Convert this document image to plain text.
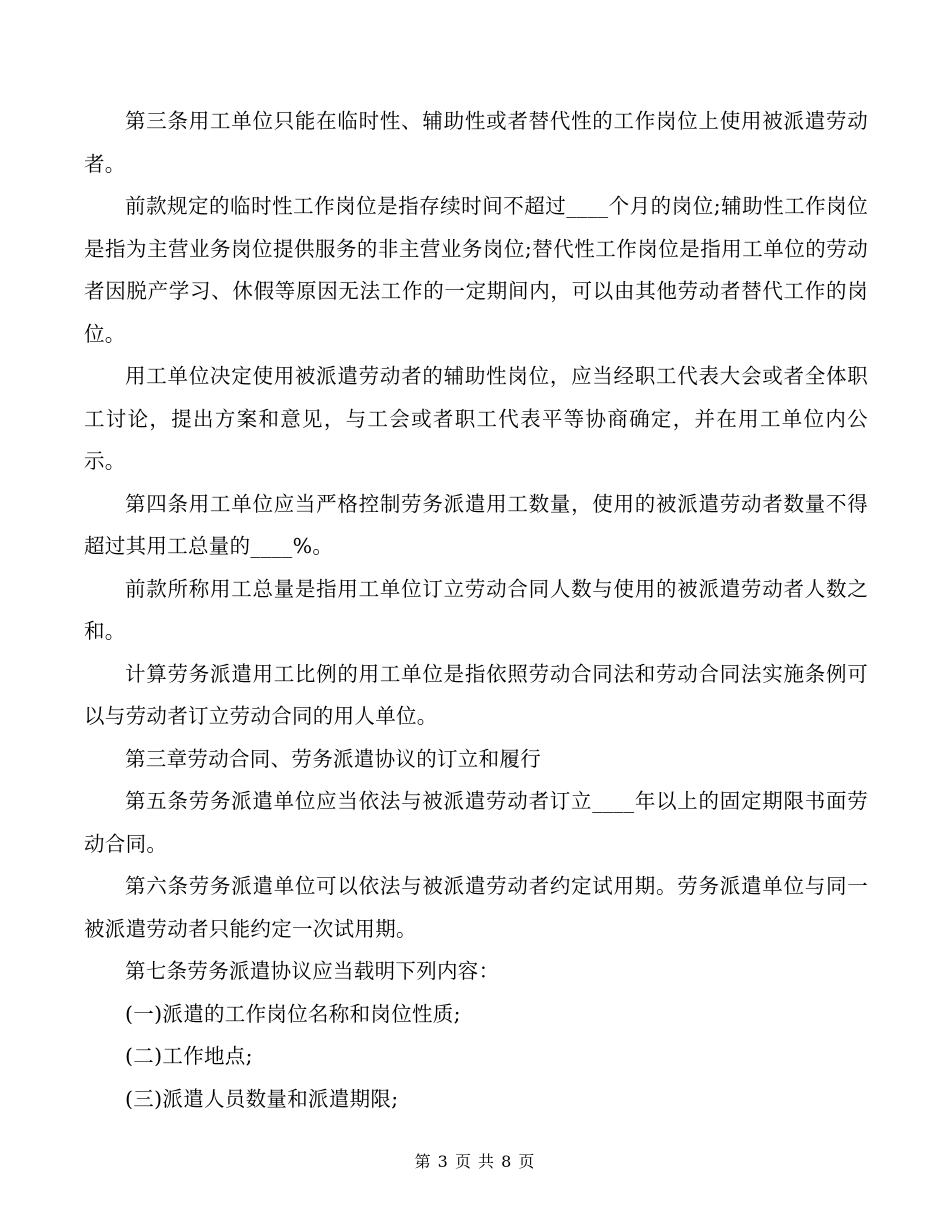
第三条用工单位只能在临时性、辅助性或者替代性的工作岗位上使用被派遣劳动者。

前款规定的临时性工作岗位是指存续时间不超过____个月的岗位;辅助性工作岗位是指为主营业务岗位提供服务的非主营业务岗位;替代性工作岗位是指用工单位的劳动者因脱产学习、休假等原因无法工作的一定期间内，可以由其他劳动者替代工作的岗位。

用工单位决定使用被派遣劳动者的辅助性岗位，应当经职工代表大会或者全体职工讨论，提出方案和意见，与工会或者职工代表平等协商确定，并在用工单位内公示。

第四条用工单位应当严格控制劳务派遣用工数量，使用的被派遣劳动者数量不得超过其用工总量的____%。

前款所称用工总量是指用工单位订立劳动合同人数与使用的被派遣劳动者人数之和。

计算劳务派遣用工比例的用工单位是指依照劳动合同法和劳动合同法实施条例可以与劳动者订立劳动合同的用人单位。

第三章劳动合同、劳务派遣协议的订立和履行

第五条劳务派遣单位应当依法与被派遣劳动者订立____年以上的固定期限书面劳动合同。

第六条劳务派遣单位可以依法与被派遣劳动者约定试用期。劳务派遣单位与同一被派遣劳动者只能约定一次试用期。

第七条劳务派遣协议应当载明下列内容：

(一)派遣的工作岗位名称和岗位性质;

(二)工作地点;

(三)派遣人员数量和派遣期限;

第 3 页 共 8 页
